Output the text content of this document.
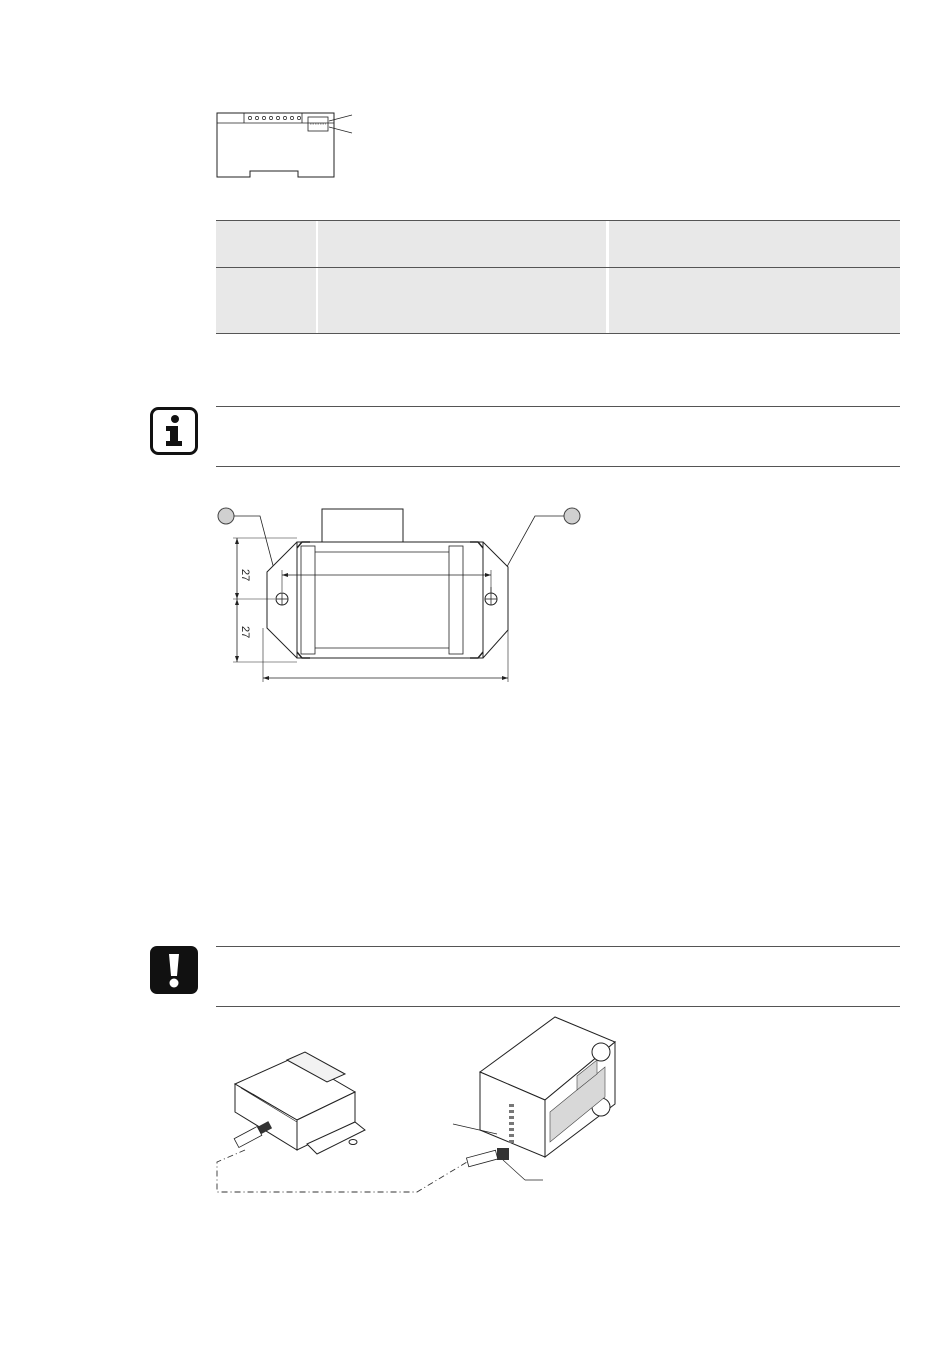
27
27
